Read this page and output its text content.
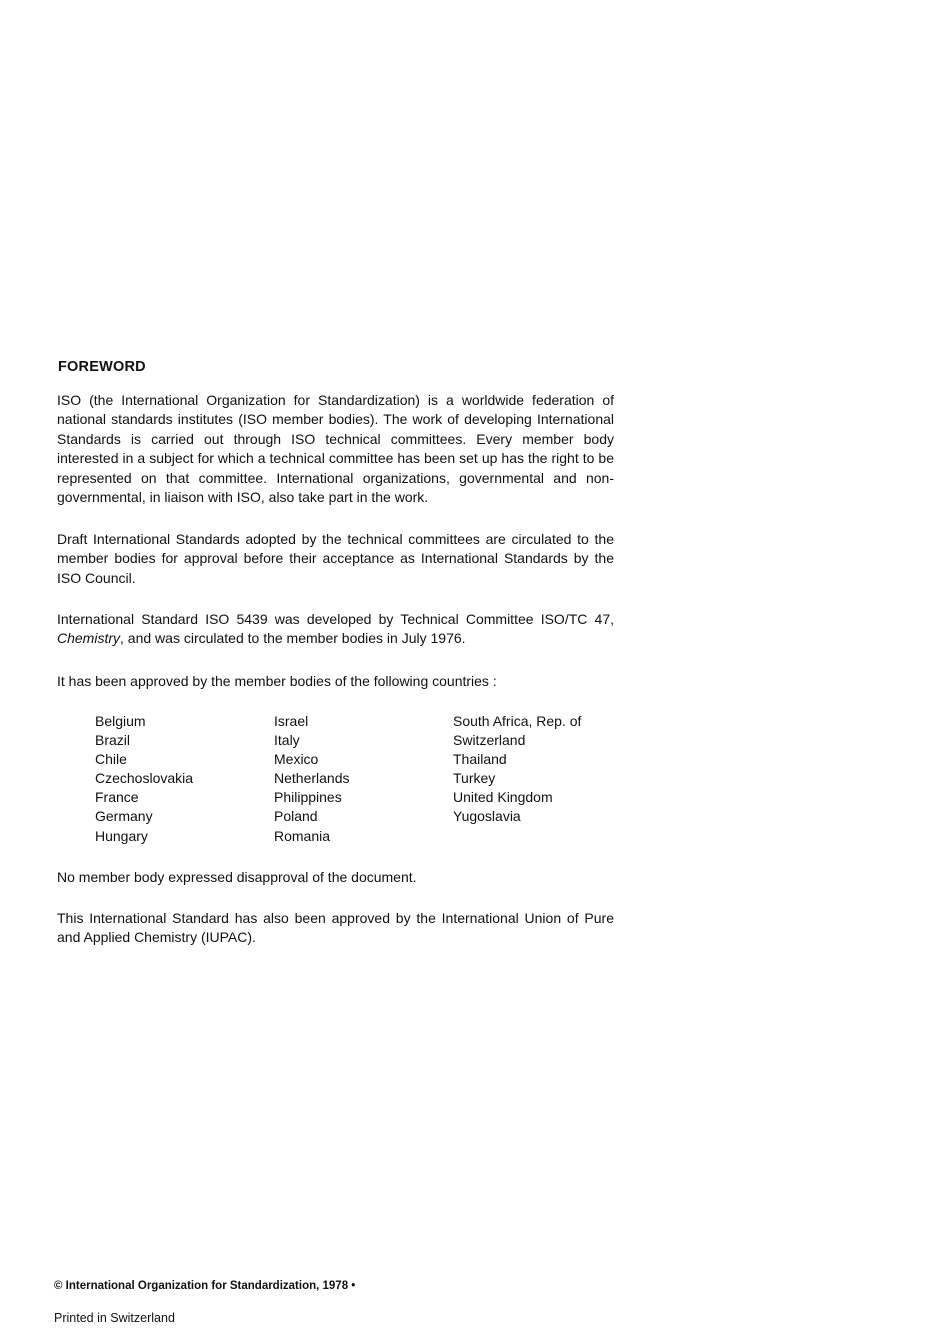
FOREWORD

ISO (the International Organization for Standardization) is a worldwide federation of national standards institutes (ISO member bodies). The work of developing International Standards is carried out through ISO technical committees. Every member body interested in a subject for which a technical committee has been set up has the right to be represented on that committee. International organizations, governmental and non-governmental, in liaison with ISO, also take part in the work.

Draft International Standards adopted by the technical committees are circulated to the member bodies for approval before their acceptance as International Standards by the ISO Council.

International Standard ISO 5439 was developed by Technical Committee ISO/TC 47, Chemistry, and was circulated to the member bodies in July 1976.

It has been approved by the member bodies of the following countries :

Belgium
Brazil
Chile
Czechoslovakia
France
Germany
Hungary
Israel
Italy
Mexico
Netherlands
Philippines
Poland
Romania
South Africa, Rep. of
Switzerland
Thailand
Turkey
United Kingdom
Yugoslavia

No member body expressed disapproval of the document.

This International Standard has also been approved by the International Union of Pure and Applied Chemistry (IUPAC).

© International Organization for Standardization, 1978 •
Printed in Switzerland
